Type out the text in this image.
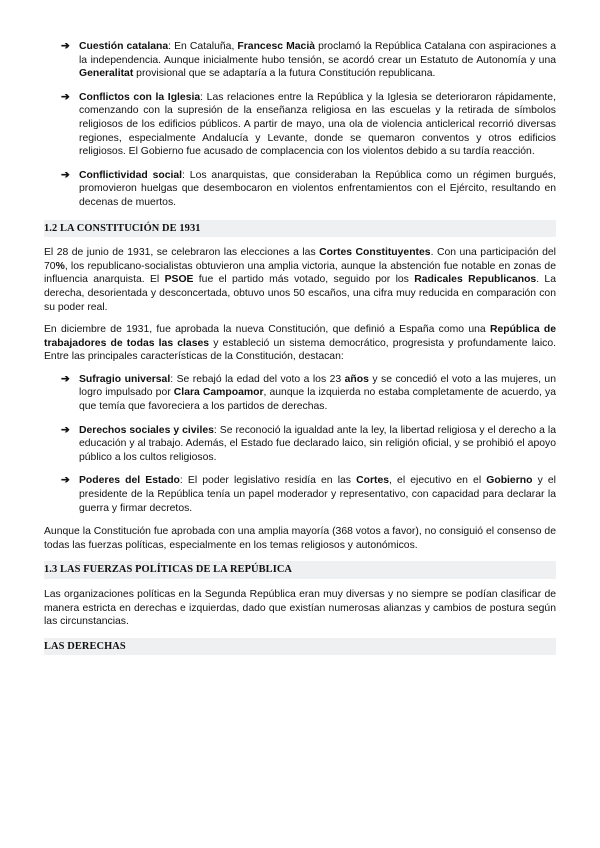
➔ Cuestión catalana: En Cataluña, Francesc Macià proclamó la República Catalana con aspiraciones a la independencia. Aunque inicialmente hubo tensión, se acordó crear un Estatuto de Autonomía y una Generalitat provisional que se adaptaría a la futura Constitución republicana.
➔ Conflictos con la Iglesia: Las relaciones entre la República y la Iglesia se deterioraron rápidamente, comenzando con la supresión de la enseñanza religiosa en las escuelas y la retirada de símbolos religiosos de los edificios públicos. A partir de mayo, una ola de violencia anticlerical recorrió diversas regiones, especialmente Andalucía y Levante, donde se quemaron conventos y otros edificios religiosos. El Gobierno fue acusado de complacencia con los violentos debido a su tardía reacción.
➔ Conflictividad social: Los anarquistas, que consideraban la República como un régimen burgués, promovieron huelgas que desembocaron en violentos enfrentamientos con el Ejército, resultando en decenas de muertos.
1.2 LA CONSTITUCIÓN DE 1931

El 28 de junio de 1931, se celebraron las elecciones a las Cortes Constituyentes. Con una participación del 70%, los republicano-socialistas obtuvieron una amplia victoria, aunque la abstención fue notable en zonas de influencia anarquista. El PSOE fue el partido más votado, seguido por los Radicales Republicanos. La derecha, desorientada y desconcertada, obtuvo unos 50 escaños, una cifra muy reducida en comparación con su poder real.

En diciembre de 1931, fue aprobada la nueva Constitución, que definió a España como una República de trabajadores de todas las clases y estableció un sistema democrático, progresista y profundamente laico. Entre las principales características de la Constitución, destacan:

➔ Sufragio universal: Se rebajó la edad del voto a los 23 años y se concedió el voto a las mujeres, un logro impulsado por Clara Campoamor, aunque la izquierda no estaba completamente de acuerdo, ya que temía que favoreciera a los partidos de derechas.
➔ Derechos sociales y civiles: Se reconoció la igualdad ante la ley, la libertad religiosa y el derecho a la educación y al trabajo. Además, el Estado fue declarado laico, sin religión oficial, y se prohibió el apoyo público a los cultos religiosos.
➔ Poderes del Estado: El poder legislativo residía en las Cortes, el ejecutivo en el Gobierno y el presidente de la República tenía un papel moderador y representativo, con capacidad para declarar la guerra y firmar decretos.

Aunque la Constitución fue aprobada con una amplia mayoría (368 votos a favor), no consiguió el consenso de todas las fuerzas políticas, especialmente en los temas religiosos y autonómicos.

1.3 LAS FUERZAS POLÍTICAS DE LA REPÚBLICA

Las organizaciones políticas en la Segunda República eran muy diversas y no siempre se podían clasificar de manera estricta en derechas e izquierdas, dado que existían numerosas alianzas y cambios de postura según las circunstancias.

LAS DERECHAS
